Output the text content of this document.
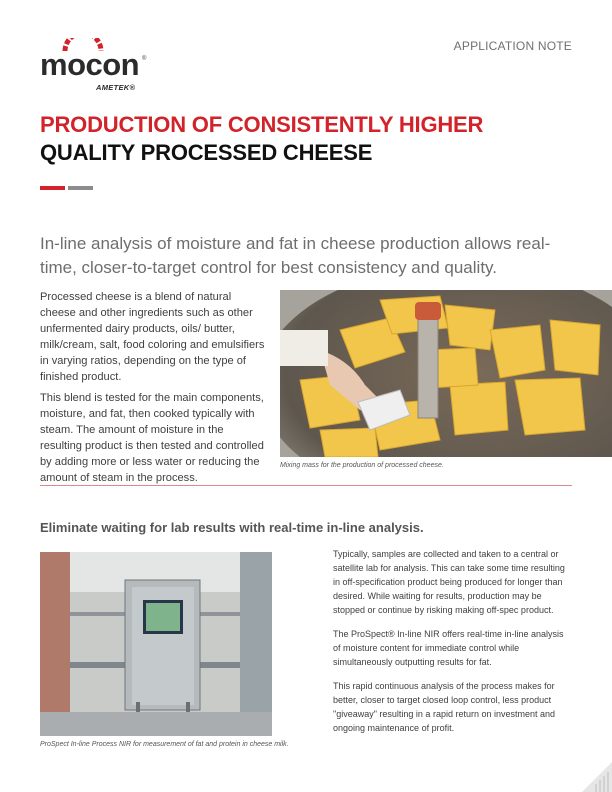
mocon ®
AMETEK®
APPLICATION NOTE
PRODUCTION OF CONSISTENTLY HIGHER
QUALITY PROCESSED CHEESE
In-line analysis of moisture and fat in cheese production allows real-time, closer-to-target control for best consistency and quality.

Processed cheese is a blend of natural cheese and other ingredients such as other unfermented dairy products, oils/ butter, milk/cream, salt, food coloring and emulsifiers in varying ratios, depending on the type of finished product.

This blend is tested for the main components, moisture, and fat, then cooked typically with steam. The amount of moisture in the resulting product is then tested and controlled by adding more or less water or reducing the amount of steam in the process.

Mixing mass for the production of processed cheese.
Eliminate waiting for lab results with real-time in-line analysis.
ProSpect In-line Process NIR for measurement of fat and protein in cheese milk.

Typically, samples are collected and taken to a central or satellite lab for analysis. This can take some time resulting in off-specification product being produced for longer than desired. While waiting for results, production may be stopped or continue by risking making off-spec product.

The ProSpect® In-line NIR offers real-time in-line analysis of moisture content for immediate control while simultaneously outputting results for fat.

This rapid continuous analysis of the process makes for better, closer to target closed loop control, less product "giveaway" resulting in a rapid return on investment and ongoing maintenance of profit.
